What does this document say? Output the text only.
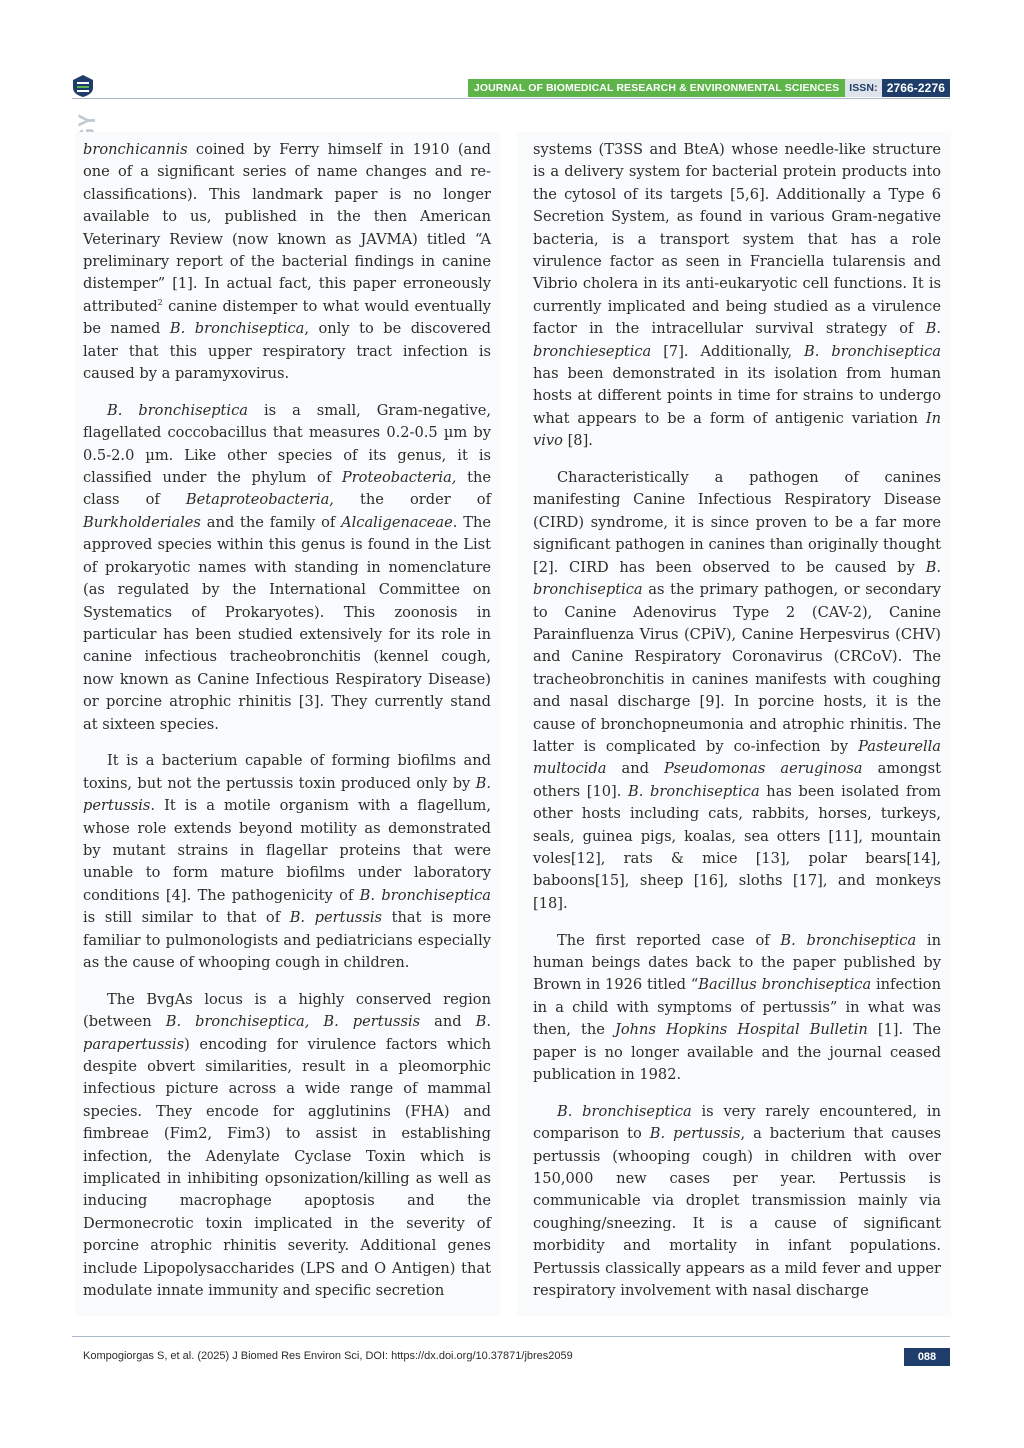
JOURNAL OF BIOMEDICAL RESEARCH & ENVIRONMENTAL SCIENCES ISSN: 2766-2276

bronchicannis coined by Ferry himself in 1910 (and one of a significant series of name changes and re-classifications). This landmark paper is no longer available to us, published in the then American Veterinary Review (now known as JAVMA) titled “A preliminary report of the bacterial findings in canine distemper” [1]. In actual fact, this paper erroneously attributed$^2$ canine distemper to what would eventually be named B. bronchiseptica, only to be discovered later that this upper respiratory tract infection is caused by a paramyxovirus.

B. bronchiseptica is a small, Gram-negative, flagellated coccobacillus that measures 0.2-0.5 µm by 0.5-2.0 µm. Like other species of its genus, it is classified under the phylum of Proteobacteria, the class of Betaproteobacteria, the order of Burkholderiales and the family of Alcaligenaceae. The approved species within this genus is found in the List of prokaryotic names with standing in nomenclature (as regulated by the International Committee on Systematics of Prokaryotes). This zoonosis in particular has been studied extensively for its role in canine infectious tracheobronchitis (kennel cough, now known as Canine Infectious Respiratory Disease) or porcine atrophic rhinitis [3]. They currently stand at sixteen species.

It is a bacterium capable of forming biofilms and toxins, but not the pertussis toxin produced only by B. pertussis. It is a motile organism with a flagellum, whose role extends beyond motility as demonstrated by mutant strains in flagellar proteins that were unable to form mature biofilms under laboratory conditions [4]. The pathogenicity of B. bronchiseptica is still similar to that of B. pertussis that is more familiar to pulmonologists and pediatricians especially as the cause of whooping cough in children.

The BvgAs locus is a highly conserved region (between B. bronchiseptica, B. pertussis and B. parapertussis) encoding for virulence factors which despite obvert similarities, result in a pleomorphic infectious picture across a wide range of mammal species. They encode for agglutinins (FHA) and fimbreae (Fim2, Fim3) to assist in establishing infection, the Adenylate Cyclase Toxin which is implicated in inhibiting opsonization/killing as well as inducing macrophage apoptosis and the Dermonecrotic toxin implicated in the severity of porcine atrophic rhinitis severity. Additional genes include Lipopolysaccharides (LPS and O Antigen) that modulate innate immunity and specific secretion

systems (T3SS and BteA) whose needle-like structure is a delivery system for bacterial protein products into the cytosol of its targets [5,6]. Additionally a Type 6 Secretion System, as found in various Gram-negative bacteria, is a transport system that has a role virulence factor as seen in Franciella tularensis and Vibrio cholera in its anti-eukaryotic cell functions. It is currently implicated and being studied as a virulence factor in the intracellular survival strategy of B. bronchieseptica [7]. Additionally, B. bronchiseptica has been demonstrated in its isolation from human hosts at different points in time for strains to undergo what appears to be a form of antigenic variation In vivo [8].

Characteristically a pathogen of canines manifesting Canine Infectious Respiratory Disease (CIRD) syndrome, it is since proven to be a far more significant pathogen in canines than originally thought [2]. CIRD has been observed to be caused by B. bronchiseptica as the primary pathogen, or secondary to Canine Adenovirus Type 2 (CAV-2), Canine Parainfluenza Virus (CPiV), Canine Herpesvirus (CHV) and Canine Respiratory Coronavirus (CRCoV). The tracheobronchitis in canines manifests with coughing and nasal discharge [9]. In porcine hosts, it is the cause of bronchopneumonia and atrophic rhinitis. The latter is complicated by co-infection by Pasteurella multocida and Pseudomonas aeruginosa amongst others [10]. B. bronchiseptica has been isolated from other hosts including cats, rabbits, horses, turkeys, seals, guinea pigs, koalas, sea otters [11], mountain voles[12], rats & mice [13], polar bears[14], baboons[15], sheep [16], sloths [17], and monkeys [18].

The first reported case of B. bronchiseptica in human beings dates back to the paper published by Brown in 1926 titled “Bacillus bronchiseptica infection in a child with symptoms of pertussis” in what was then, the Johns Hopkins Hospital Bulletin [1]. The paper is no longer available and the journal ceased publication in 1982.

B. bronchiseptica is very rarely encountered, in comparison to B. pertussis, a bacterium that causes pertussis (whooping cough) in children with over 150,000 new cases per year. Pertussis is communicable via droplet transmission mainly via coughing/sneezing. It is a cause of significant morbidity and mortality in infant populations. Pertussis classically appears as a mild fever and upper respiratory involvement with nasal discharge

Kompogiorgas S, et al. (2025) J Biomed Res Environ Sci, DOI: https://dx.doi.org/10.37871/jbres2059	088
